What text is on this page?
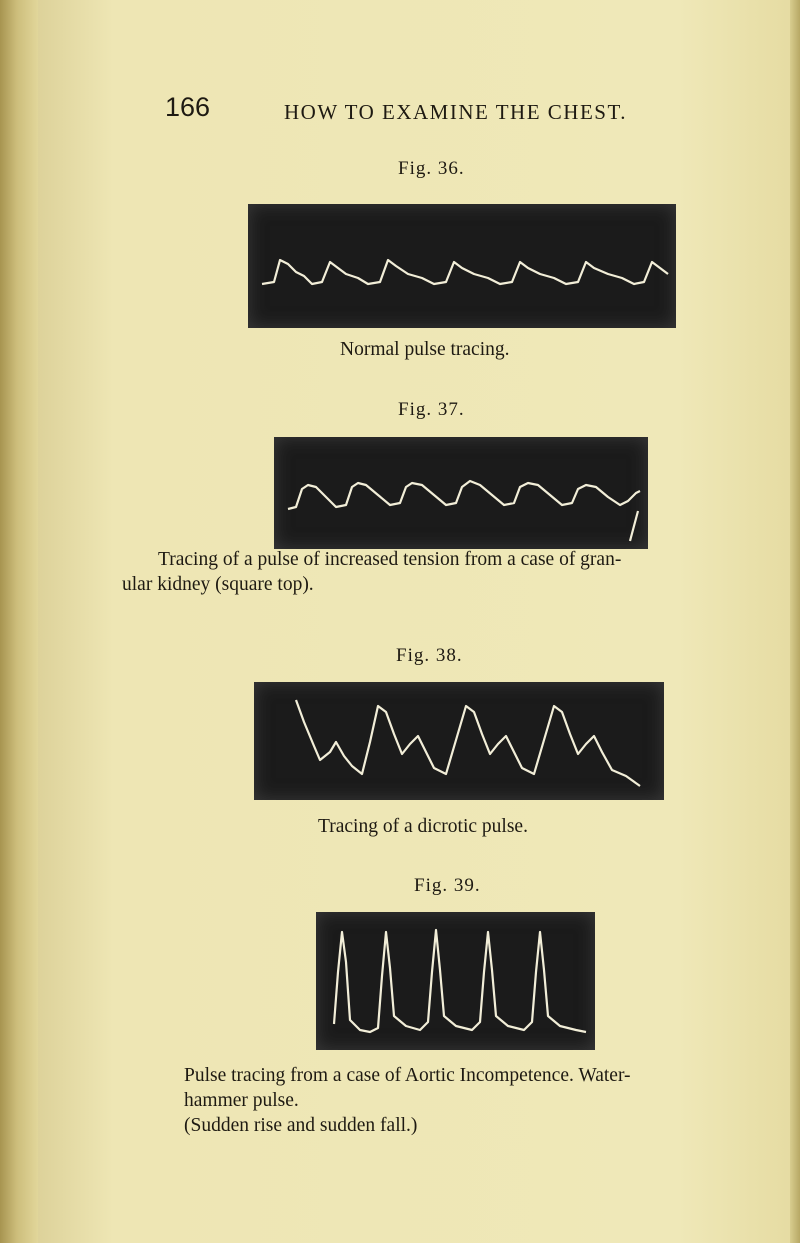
166	HOW TO EXAMINE THE CHEST.
Fig. 36.
Normal pulse tracing.
Fig. 37.
Tracing of a pulse of increased tension from a case of gran-
ular kidney (square top).
Fig. 38.
Tracing of a dicrotic pulse.
Fig. 39.
Pulse tracing from a case of Aortic Incompetence. Water-
hammer pulse.
(Sudden rise and sudden fall.)
